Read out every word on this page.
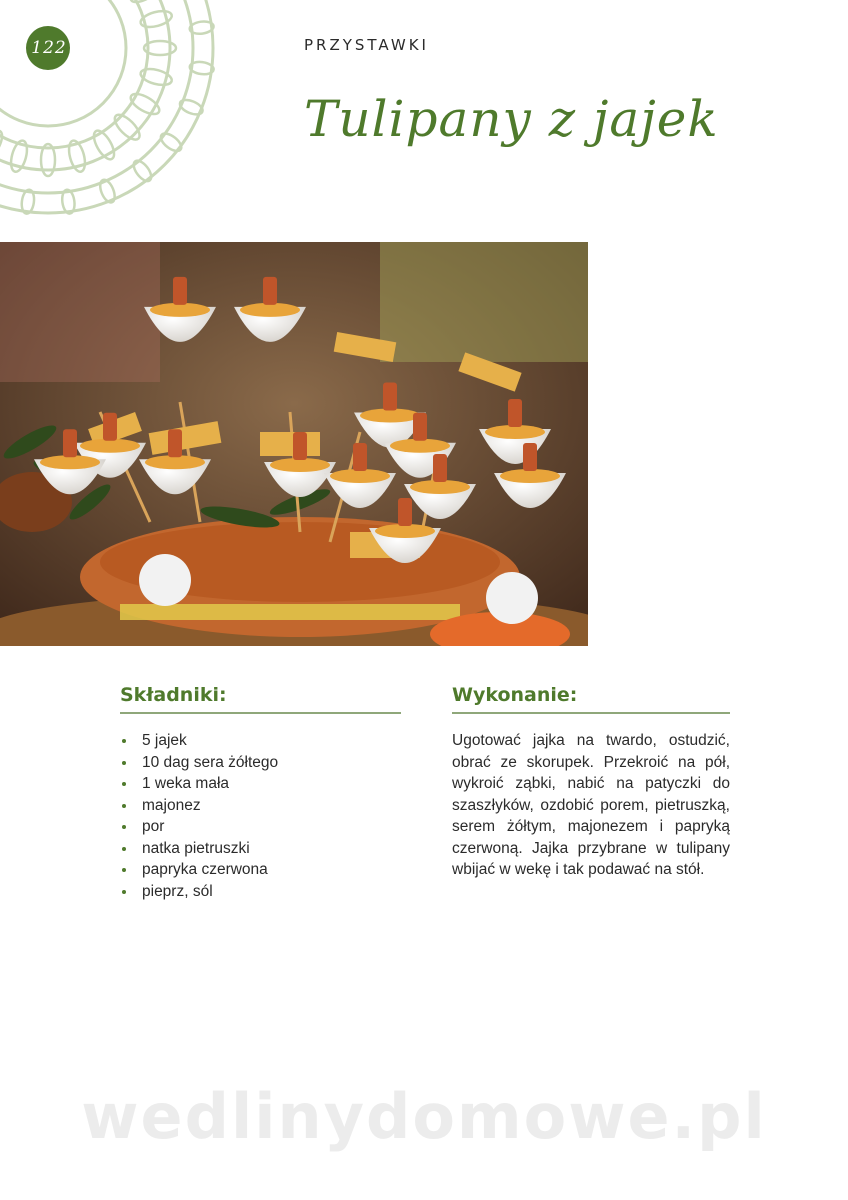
122	PRZYSTAWKI
Tulipany z jajek
Składniki:
5 jajek
10 dag sera żółtego
1 weka mała
majonez
por
natka pietruszki
papryka czerwona
pieprz, sól
Wykonanie:

Ugotować jajka na twardo, ostudzić, obrać ze skorupek. Przekroić na pół, wykroić ząbki, nabić na patyczki do szaszłyków, ozdobić porem, pietruszką, serem żółtym, majonezem i papryką czerwoną. Jajka przybrane w tulipany wbijać w wekę i tak podawać na stół.

wedlinydomowe.pl
